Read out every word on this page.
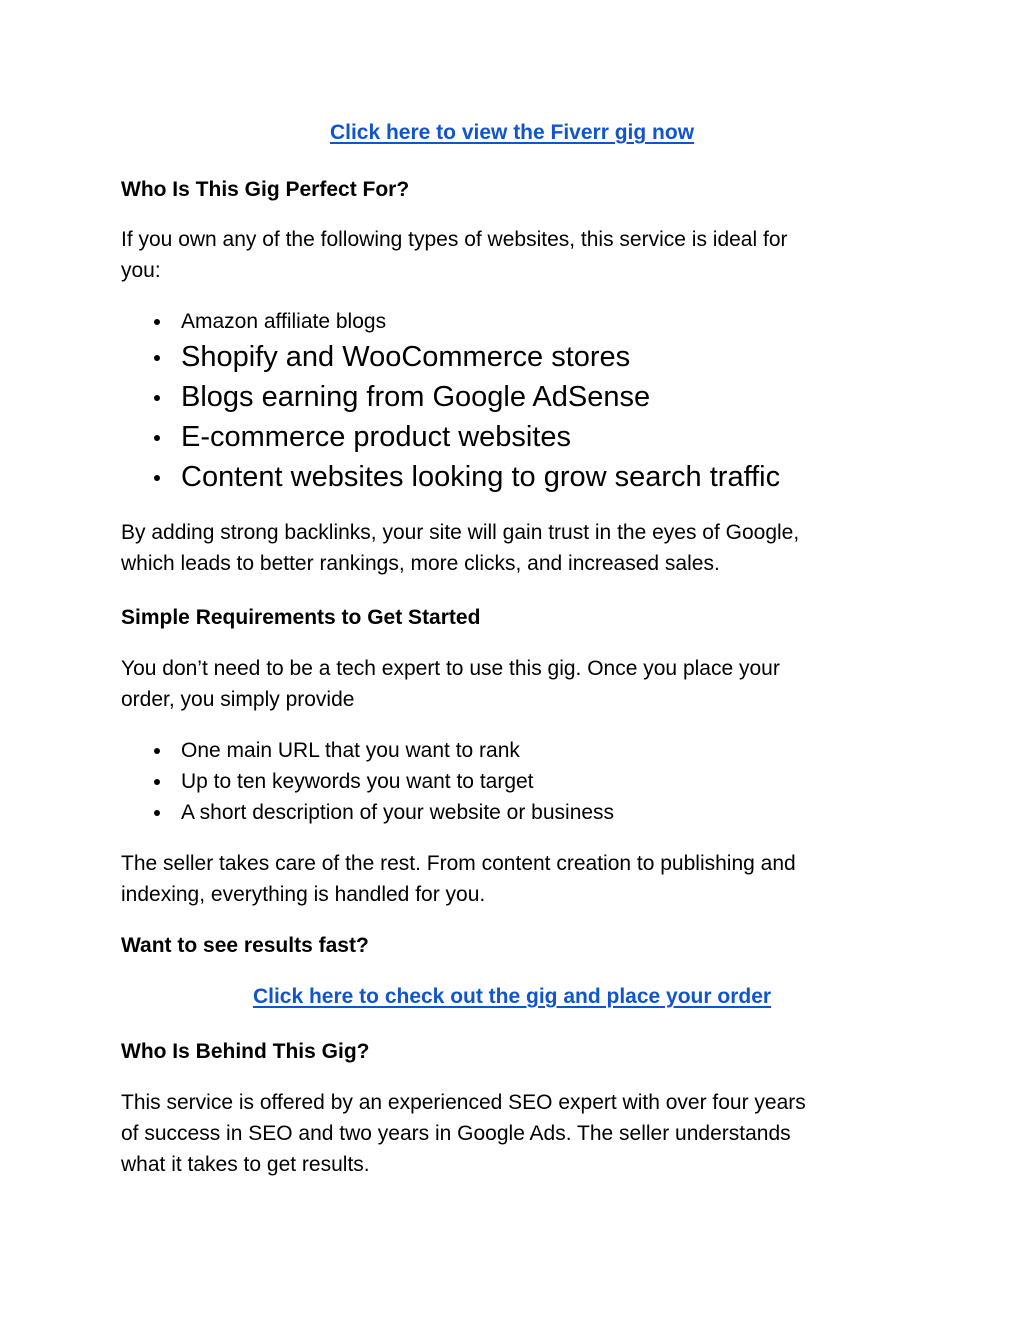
Click here to view the Fiverr gig now
Who Is This Gig Perfect For?

If you own any of the following types of websites, this service is ideal for

you:

Amazon affiliate blogs
Shopify and WooCommerce stores
Blogs earning from Google AdSense
E-commerce product websites
Content websites looking to grow search traffic

By adding strong backlinks, your site will gain trust in the eyes of Google,

which leads to better rankings, more clicks, and increased sales.

Simple Requirements to Get Started

You don’t need to be a tech expert to use this gig. Once you place your

order, you simply provide

One main URL that you want to rank
Up to ten keywords you want to target
A short description of your website or business

The seller takes care of the rest. From content creation to publishing and

indexing, everything is handled for you.

Want to see results fast?
Click here to check out the gig and place your order
Who Is Behind This Gig?

This service is offered by an experienced SEO expert with over four years

of success in SEO and two years in Google Ads. The seller understands

what it takes to get results.
